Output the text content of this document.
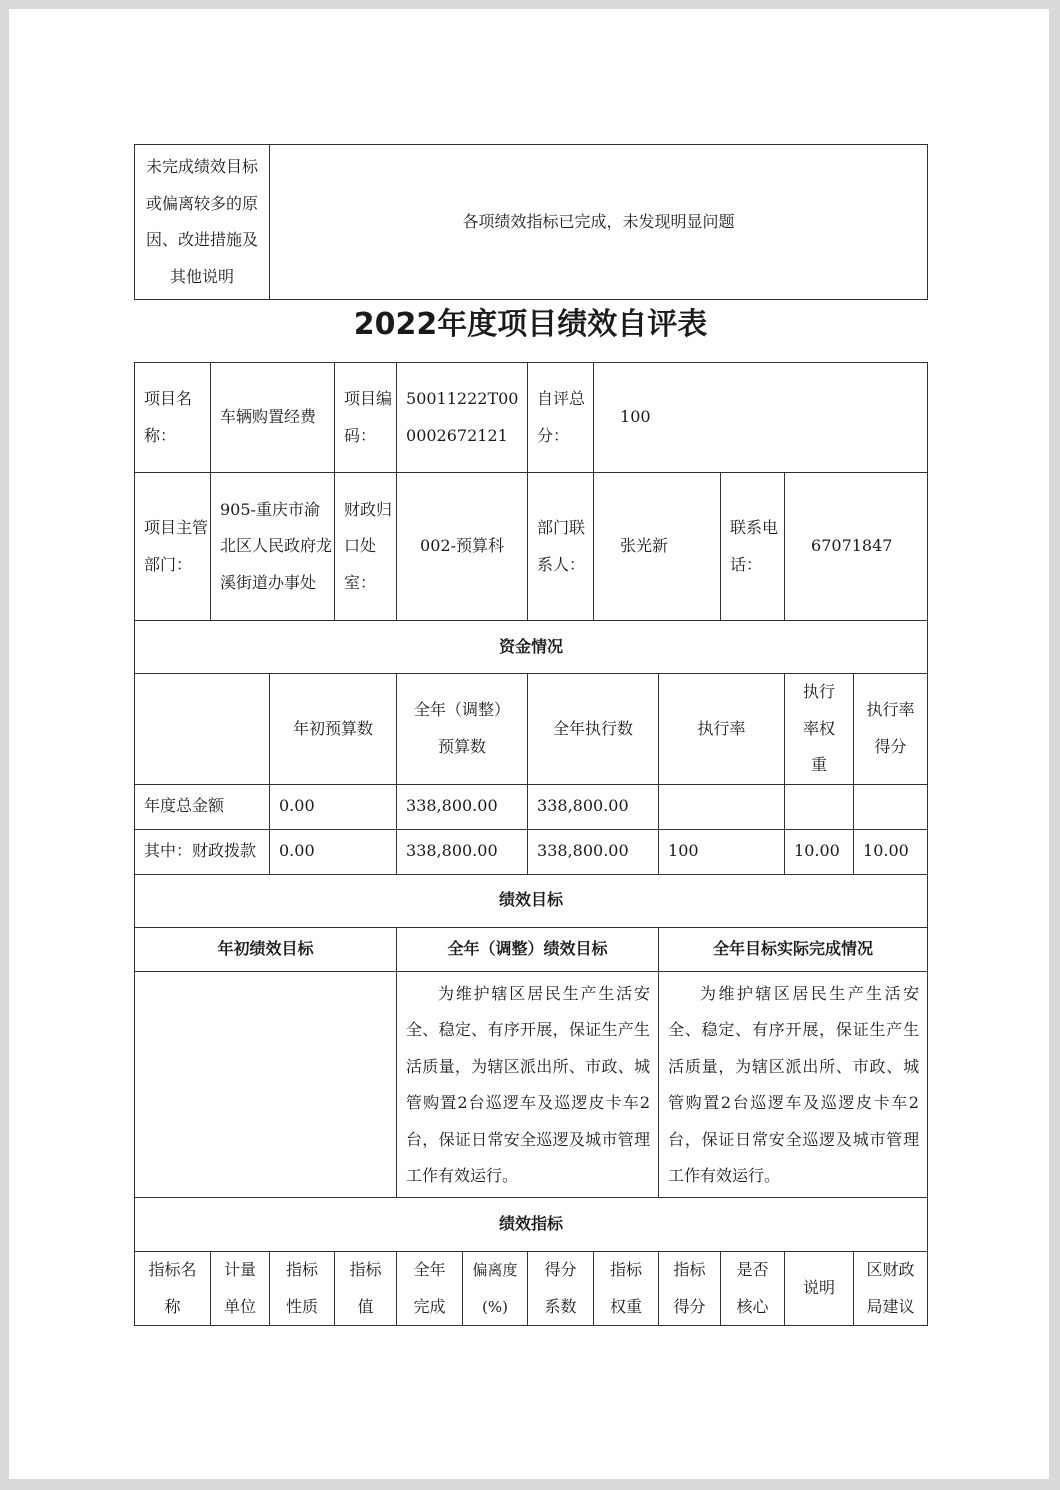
未完成绩效目标或偏离较多的原因、改进措施及其他说明	各项绩效指标已完成，未发现明显问题
2022年度项目绩效自评表
项目名称：	车辆购置经费		项目编码：	50011222T000002672121		自评总分：	100				
项目主管部门：	905-重庆市渝北区人民政府龙溪街道办事处		财政归口处室：	002-预算科		部门联系人：	张光新		联系电话：	67071847	
资金情况											
		年初预算数		全年（调整）预算数		全年执行数		执行率		执行率权重	执行率得分
年度总金额		0.00		338,800.00		338,800.00					
其中：财政拨款		0.00		338,800.00		338,800.00		100		10.00	10.00
绩效目标											
年初绩效目标				全年（调整）绩效目标				全年目标实际完成情况			

				为维护辖区居民生产生活安全、稳定、有序开展，保证生产生活质量，为辖区派出所、市政、城管购置2台巡逻车及巡逻皮卡车2台，保证日常安全巡逻及城市管理工作有效运行。				为维护辖区居民生产生活安全、稳定、有序开展，保证生产生活质量，为辖区派出所、市政、城管购置2台巡逻车及巡逻皮卡车2台，保证日常安全巡逻及城市管理工作有效运行。			

绩效指标											
指标名称	计量单位	指标性质	指标值	全年完成	偏离度(%)	得分系数	指标权重	指标得分	是否核心	说明	区财政局建议
